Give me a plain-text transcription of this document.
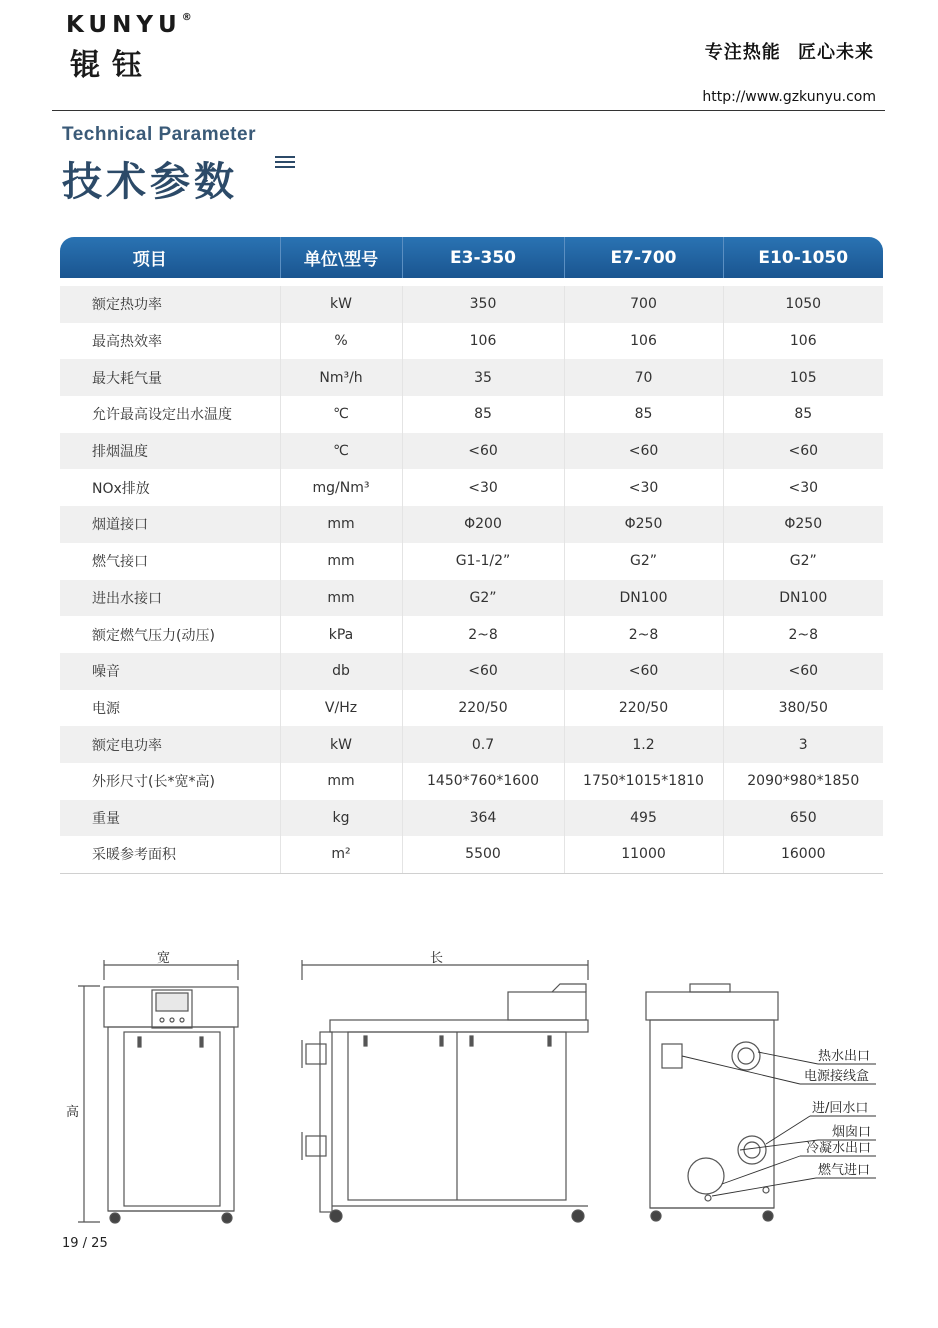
KUNYU®
锟钰	专注热能 匠心未来
http://www.gzkunyu.com
Technical Parameter
技术参数
项目	单位\型号	E3-350	E7-700	E10-1050

额定热功率	kW	350	700	1050
最高热效率	%	106	106	106
最大耗气量	Nm³/h	35	70	105
允许最高设定出水温度	℃	85	85	85
排烟温度	℃	<60	<60	<60
NOx排放	mg/Nm³	<30	<30	<30
烟道接口	mm	Φ200	Φ250	Φ250
燃气接口	mm	G1-1/2”	G2”	G2”
进出水接口	mm	G2”	DN100	DN100
额定燃气压力(动压)	kPa	2~8	2~8	2~8
噪音	db	<60	<60	<60
电源	V/Hz	220/50	220/50	380/50
额定电功率	kW	0.7	1.2	3
外形尺寸(长*宽*高)	mm	1450*760*1600	1750*1015*1810	2090*980*1850
重量	kg	364	495	650
采暖参考面积	m²	5500	11000	16000
宽	长
高
热水出口
电源接线盒
进/回水口
烟囱口
冷凝水出口
燃气进口
19 / 25
